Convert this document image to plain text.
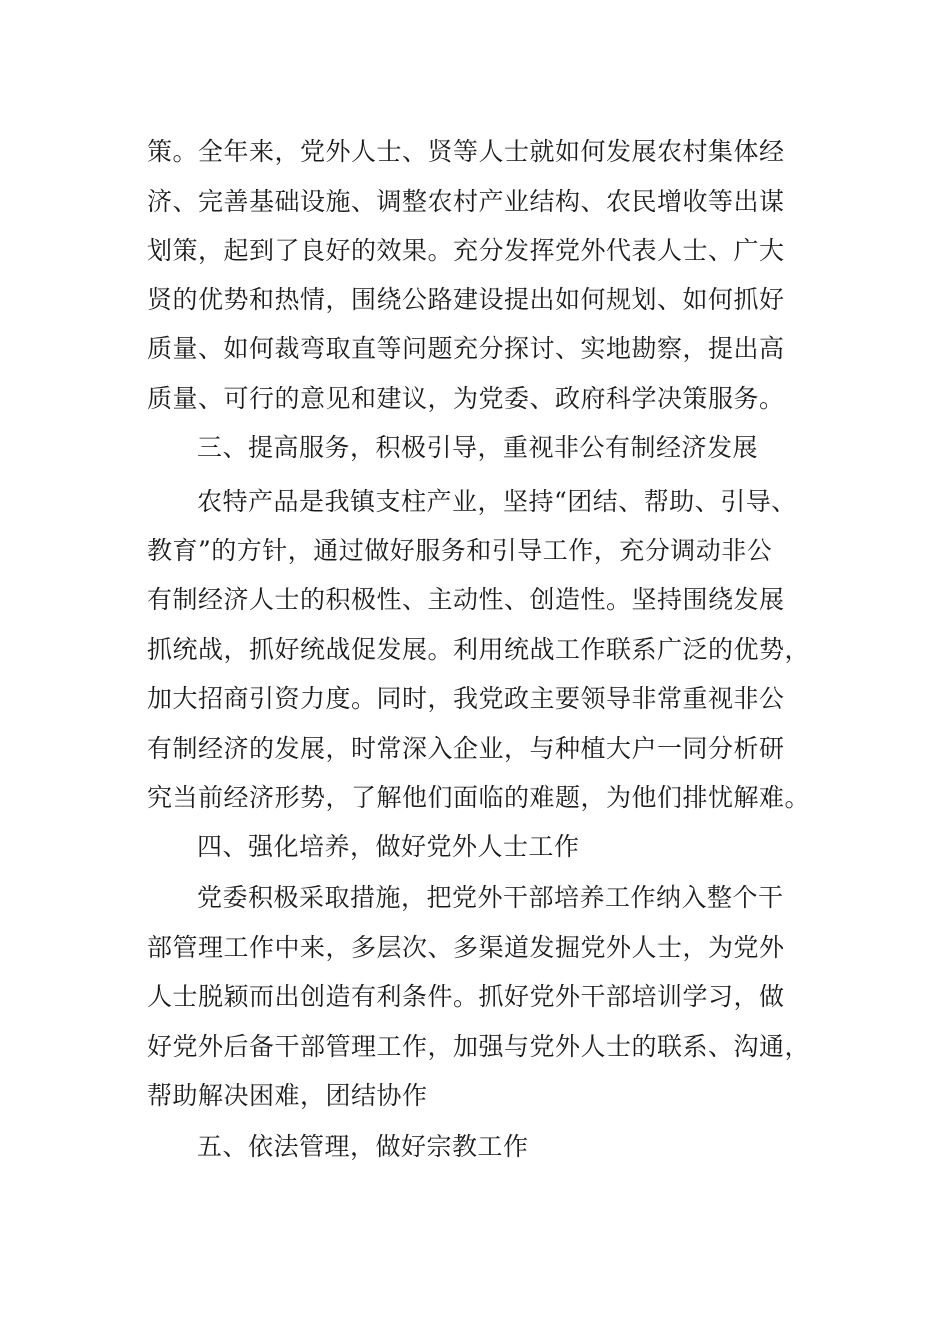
策。全年来，党外人士、贤等人士就如何发展农村集体经
济、完善基础设施、调整农村产业结构、农民增收等出谋
划策，起到了良好的效果。充分发挥党外代表人士、广大
贤的优势和热情，围绕公路建设提出如何规划、如何抓好
质量、如何裁弯取直等问题充分探讨、实地勘察，提出高
质量、可行的意见和建议，为党委、政府科学决策服务。
三、提高服务，积极引导，重视非公有制经济发展
农特产品是我镇支柱产业，坚持“团结、帮助、引导、
教育”的方针，通过做好服务和引导工作，充分调动非公
有制经济人士的积极性、主动性、创造性。坚持围绕发展
抓统战，抓好统战促发展。利用统战工作联系广泛的优势，
加大招商引资力度。同时，我党政主要领导非常重视非公
有制经济的发展，时常深入企业，与种植大户一同分析研
究当前经济形势，了解他们面临的难题，为他们排忧解难。
四、强化培养，做好党外人士工作
党委积极采取措施，把党外干部培养工作纳入整个干
部管理工作中来，多层次、多渠道发掘党外人士，为党外
人士脱颖而出创造有利条件。抓好党外干部培训学习，做
好党外后备干部管理工作，加强与党外人士的联系、沟通，
帮助解决困难，团结协作
五、依法管理，做好宗教工作
